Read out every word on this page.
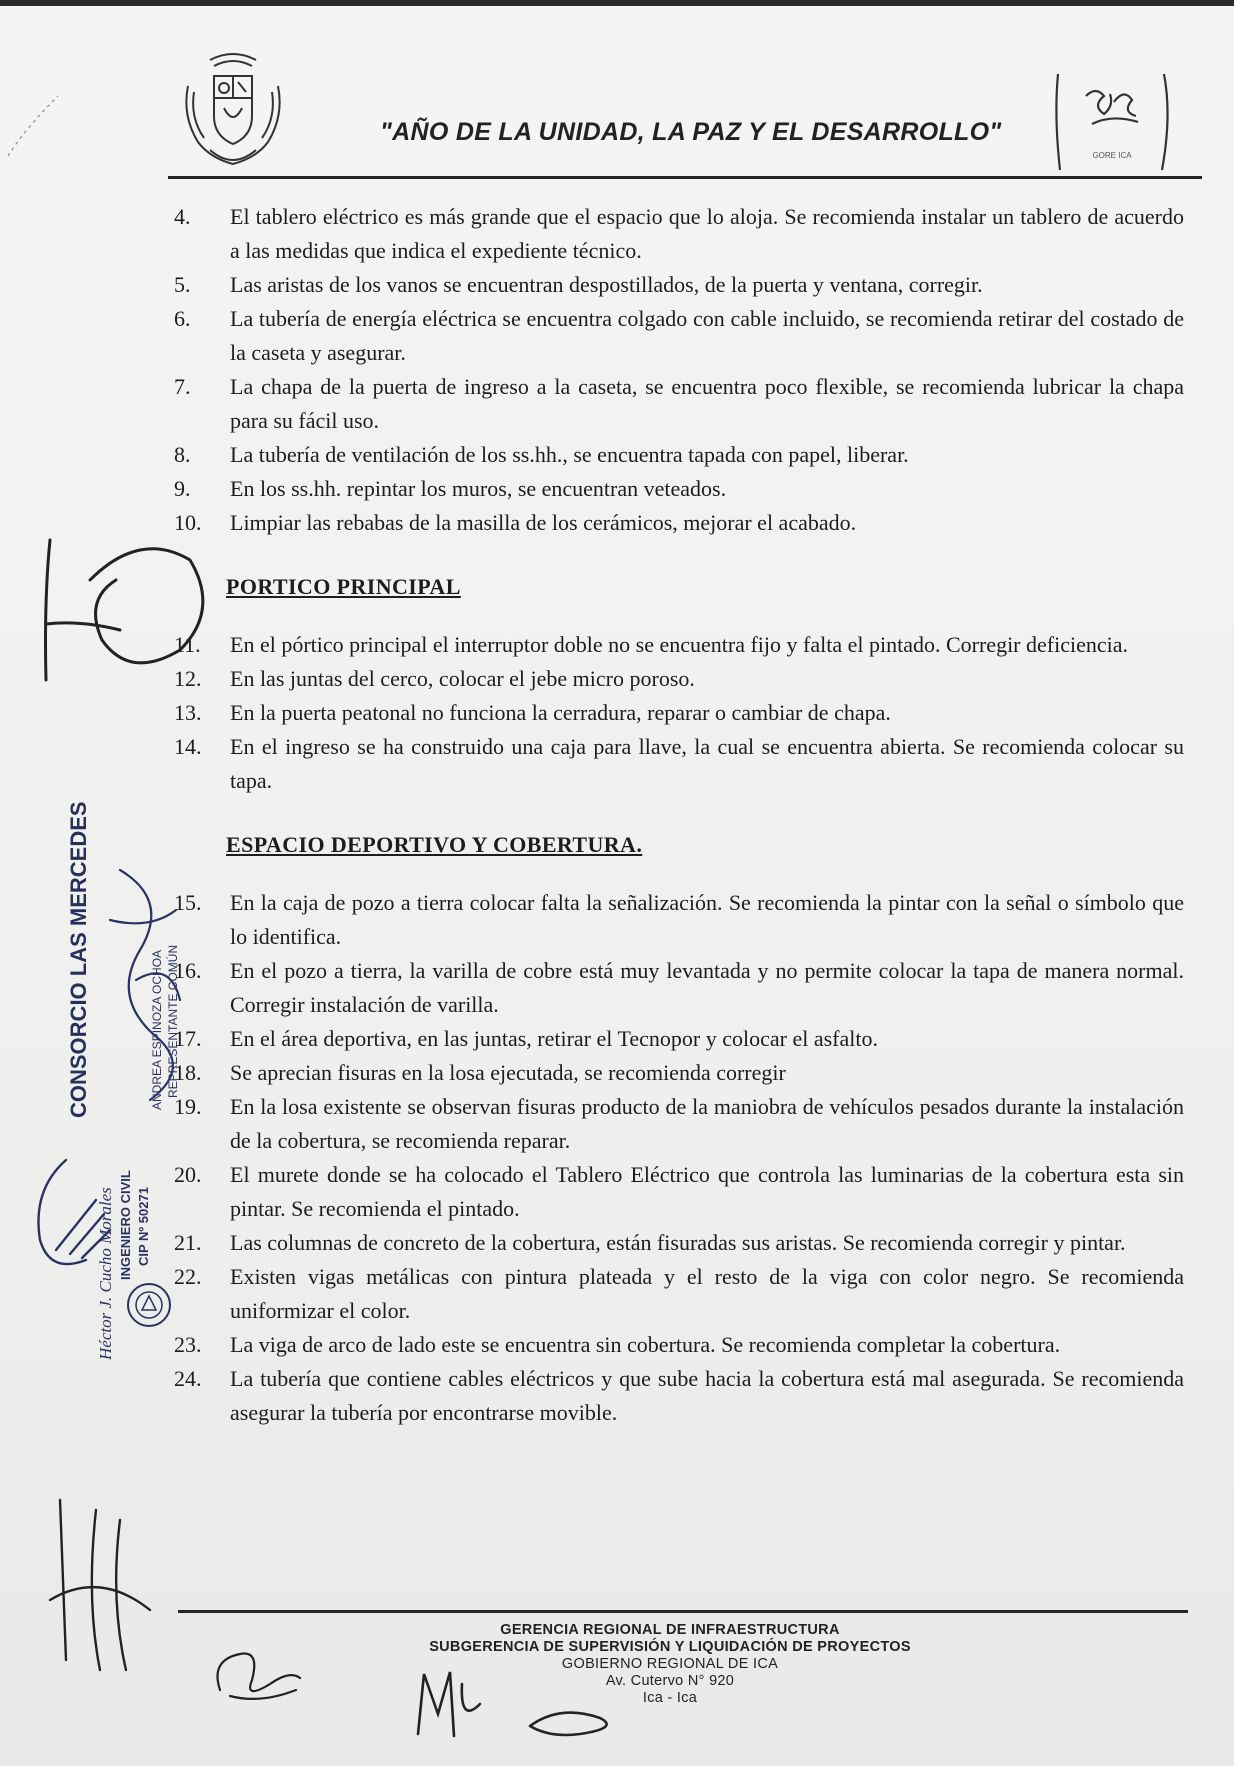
"AÑO DE LA UNIDAD, LA PAZ Y EL DESARROLLO"
GORE ICA
4.	El tablero eléctrico es más grande que el espacio que lo aloja. Se recomienda instalar un tablero de acuerdo a las medidas que indica el expediente técnico.
5.	Las aristas de los vanos se encuentran despostillados, de la puerta y ventana, corregir.
6.	La tubería de energía eléctrica se encuentra colgado con cable incluido, se recomienda retirar del costado de la caseta y asegurar.
7.	La chapa de la puerta de ingreso a la caseta, se encuentra poco flexible, se recomienda lubricar la chapa para su fácil uso.
8.	La tubería de ventilación de los ss.hh., se encuentra tapada con papel, liberar.
9.	En los ss.hh. repintar los muros, se encuentran veteados.
10.	Limpiar las rebabas de la masilla de los cerámicos, mejorar el acabado.
PORTICO PRINCIPAL
11.	En el pórtico principal el interruptor doble no se encuentra fijo y falta el pintado. Corregir deficiencia.
12.	En las juntas del cerco, colocar el jebe micro poroso.
13.	En la puerta peatonal no funciona la cerradura, reparar o cambiar de chapa.
14.	En el ingreso se ha construido una caja para llave, la cual se encuentra abierta. Se recomienda colocar su tapa.
ESPACIO DEPORTIVO Y COBERTURA.
15.	En la caja de pozo a tierra colocar falta la señalización. Se recomienda la pintar con la señal o símbolo que lo identifica.
16.	En el pozo a tierra, la varilla de cobre está muy levantada y no permite colocar la tapa de manera normal. Corregir instalación de varilla.
17.	En el área deportiva, en las juntas, retirar el Tecnopor y colocar el asfalto.
18.	Se aprecian fisuras en la losa ejecutada, se recomienda corregir
19.	En la losa existente se observan fisuras producto de la maniobra de vehículos pesados durante la instalación de la cobertura, se recomienda reparar.
20.	El murete donde se ha colocado el Tablero Eléctrico que controla las luminarias de la cobertura esta sin pintar. Se recomienda el pintado.
21.	Las columnas de concreto de la cobertura, están fisuradas sus aristas. Se recomienda corregir y pintar.
22.	Existen vigas metálicas con pintura plateada y el resto de la viga con color negro. Se recomienda uniformizar el color.
23.	La viga de arco de lado este se encuentra sin cobertura. Se recomienda completar la cobertura.
24.	La tubería que contiene cables eléctricos y que sube hacia la cobertura está mal asegurada. Se recomienda asegurar la tubería por encontrarse movible.
GERENCIA REGIONAL DE INFRAESTRUCTURA
SUBGERENCIA DE SUPERVISIÓN Y LIQUIDACIÓN DE PROYECTOS
GOBIERNO REGIONAL DE ICA
Av. Cutervo N° 920
Ica - Ica
CONSORCIO LAS MERCEDES
Héctor J. Cucho Morales INGENIERO CIVIL CIP Nº 50271
ANDREA ESPINOZA OCHOA REPRESENTANTE COMÚN
